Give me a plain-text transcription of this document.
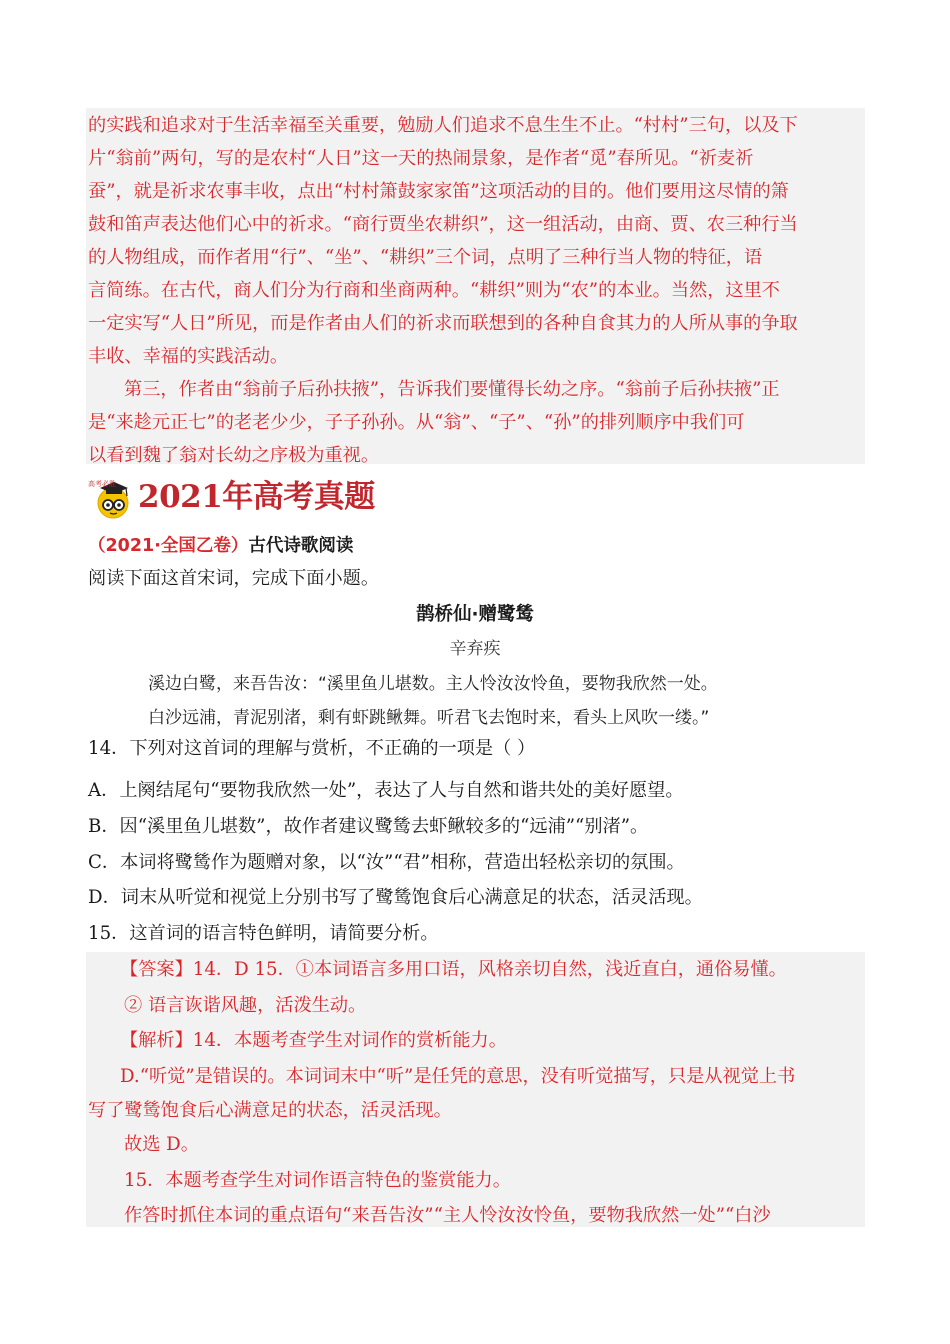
的实践和追求对于生活幸福至关重要，勉励人们追求不息生生不止。“村村”三句，以及下
片“翁前”两句，写的是农村“人日”这一天的热闹景象，是作者“觅”春所见。“祈麦祈
蚕”，就是祈求农事丰收，点出“村村箫鼓家家笛”这项活动的目的。他们要用这尽情的箫
鼓和笛声表达他们心中的祈求。“商行贾坐农耕织”，这一组活动，由商、贾、农三种行当
的人物组成，而作者用“行”、“坐”、“耕织”三个词，点明了三种行当人物的特征，语
言简练。在古代，商人们分为行商和坐商两种。“耕织”则为“农”的本业。当然，这里不
一定实写“人日”所见，而是作者由人们的祈求而联想到的各种自食其力的人所从事的争取
丰收、幸福的实践活动。
第三，作者由“翁前子后孙扶掖”，告诉我们要懂得长幼之序。“翁前子后孙扶掖”正
是“来趁元正七”的老老少少，子子孙孙。从“翁”、“子”、“孙”的排列顺序中我们可
以看到魏了翁对长幼之序极为重视。
高考必胜 2021年高考真题
（2021·全国乙卷）古代诗歌阅读
阅读下面这首宋词，完成下面小题。
鹊桥仙·赠鹭鸶
辛弃疾
溪边白鹭，来吾告汝：“溪里鱼儿堪数。主人怜汝汝怜鱼，要物我欣然一处。
白沙远浦，青泥别渚，剩有虾跳鳅舞。听君飞去饱时来，看头上风吹一缕。”
14．下列对这首词的理解与赏析，不正确的一项是（ ）
A．上阕结尾句“要物我欣然一处”，表达了人与自然和谐共处的美好愿望。
B．因“溪里鱼儿堪数”，故作者建议鹭鸶去虾鳅较多的“远浦”“别渚”。
C．本词将鹭鸶作为题赠对象，以“汝”“君”相称，营造出轻松亲切的氛围。
D．词末从听觉和视觉上分别书写了鹭鸶饱食后心满意足的状态，活灵活现。
15．这首词的语言特色鲜明，请简要分析。
【答案】14．D 15．①本词语言多用口语，风格亲切自然，浅近直白，通俗易懂。
② 语言诙谐风趣，活泼生动。
【解析】14．本题考查学生对词作的赏析能力。
D.“听觉”是错误的。本词词末中“听”是任凭的意思，没有听觉描写，只是从视觉上书
写了鹭鸶饱食后心满意足的状态，活灵活现。
故选 D。
15．本题考查学生对词作语言特色的鉴赏能力。
作答时抓住本词的重点语句“来吾告汝”“主人怜汝汝怜鱼，要物我欣然一处”“白沙
